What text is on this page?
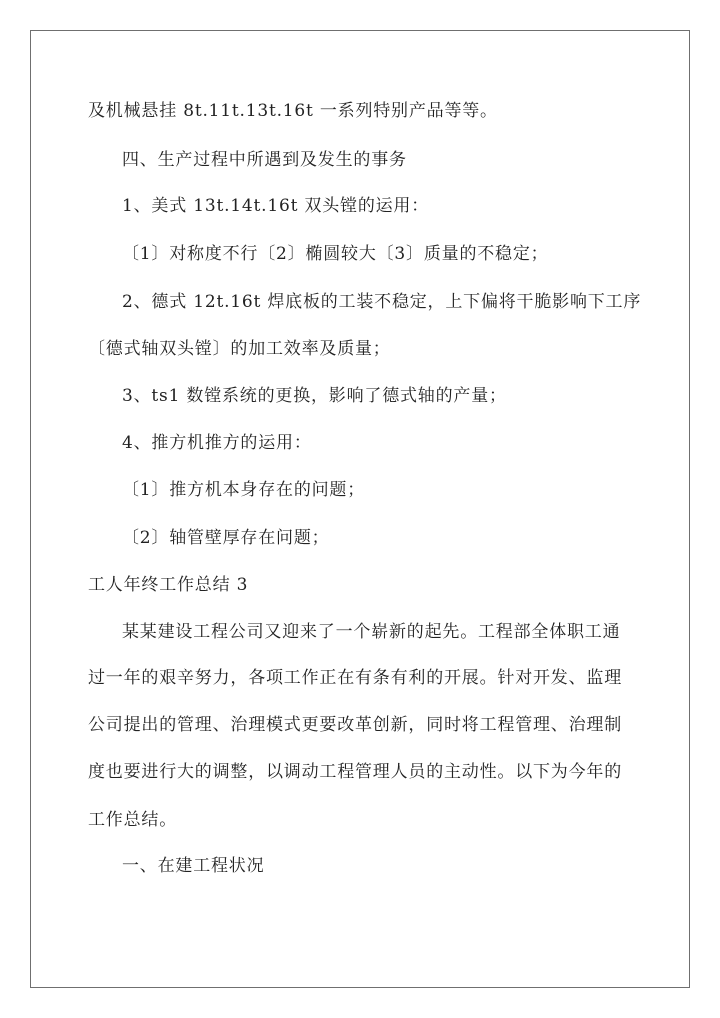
及机械悬挂 8t.11t.13t.16t 一系列特别产品等等。
四、生产过程中所遇到及发生的事务
1、美式 13t.14t.16t 双头镗的运用：
〔1〕对称度不行〔2〕椭圆较大〔3〕质量的不稳定；
2、德式 12t.16t 焊底板的工装不稳定，上下偏将干脆影响下工序
〔德式轴双头镗〕的加工效率及质量；
3、ts1 数镗系统的更换，影响了德式轴的产量；
4、推方机推方的运用：
〔1〕推方机本身存在的问题；
〔2〕轴管壁厚存在问题；
工人年终工作总结 3
某某建设工程公司又迎来了一个崭新的起先。工程部全体职工通
过一年的艰辛努力，各项工作正在有条有利的开展。针对开发、监理
公司提出的管理、治理模式更要改革创新，同时将工程管理、治理制
度也要进行大的调整，以调动工程管理人员的主动性。以下为今年的
工作总结。
一、在建工程状况
